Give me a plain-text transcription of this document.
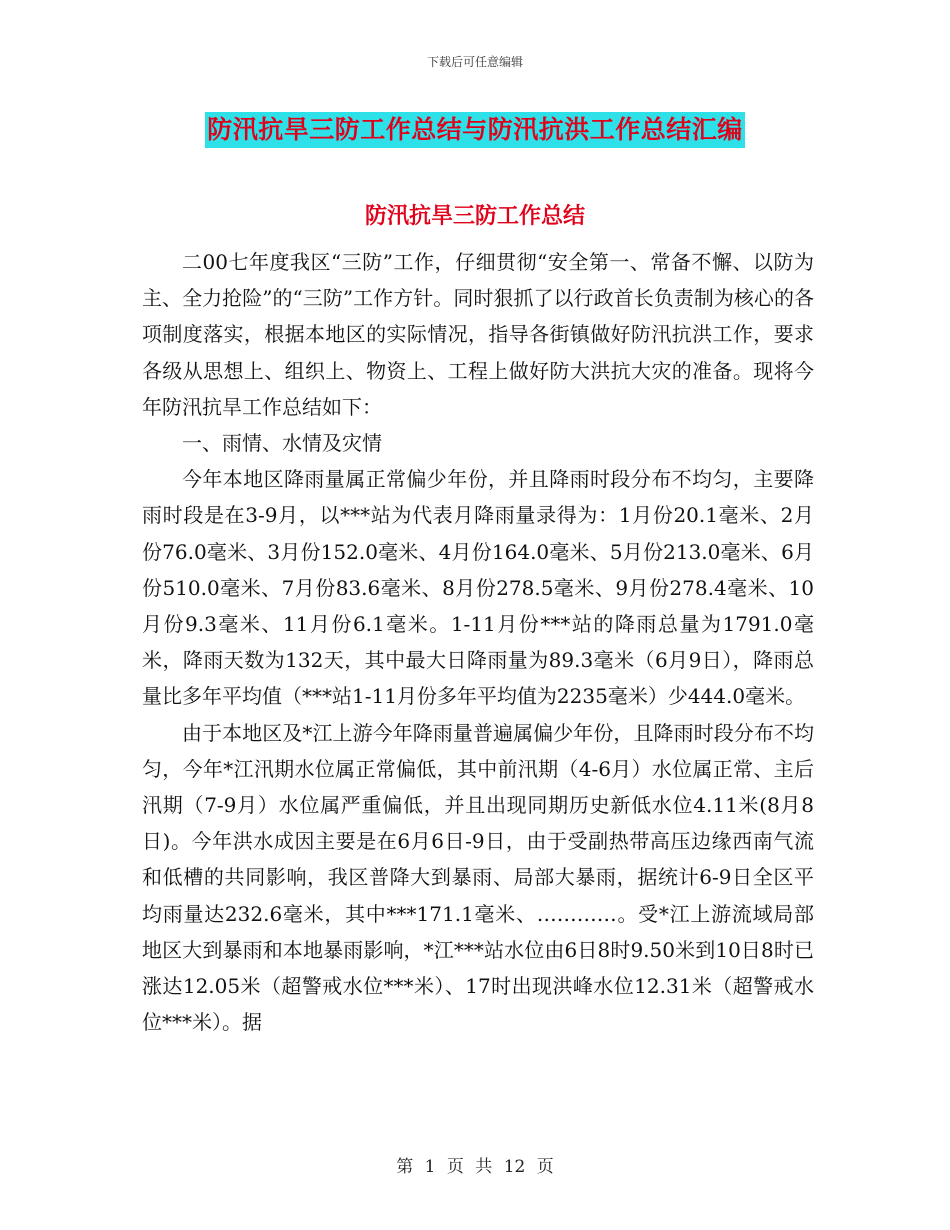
下载后可任意编辑
防汛抗旱三防工作总结与防汛抗洪工作总结汇编
防汛抗旱三防工作总结

二00七年度我区“三防”工作，仔细贯彻“安全第一、常备不懈、以防为主、全力抢险”的“三防”工作方针。同时狠抓了以行政首长负责制为核心的各项制度落实，根据本地区的实际情况，指导各街镇做好防汛抗洪工作，要求各级从思想上、组织上、物资上、工程上做好防大洪抗大灾的准备。现将今年防汛抗旱工作总结如下：

一、雨情、水情及灾情

今年本地区降雨量属正常偏少年份，并且降雨时段分布不均匀，主要降雨时段是在3-9月，以***站为代表月降雨量录得为：1月份20.1毫米、2月份76.0毫米、3月份152.0毫米、4月份164.0毫米、5月份213.0毫米、6月份510.0毫米、7月份83.6毫米、8月份278.5毫米、9月份278.4毫米、10月份9.3毫米、11月份6.1毫米。1-11月份***站的降雨总量为1791.0毫米，降雨天数为132天，其中最大日降雨量为89.3毫米（6月9日），降雨总量比多年平均值（***站1-11月份多年平均值为2235毫米）少444.0毫米。

由于本地区及*江上游今年降雨量普遍属偏少年份，且降雨时段分布不均匀，今年*江汛期水位属正常偏低，其中前汛期（4-6月）水位属正常、主后汛期（7-9月）水位属严重偏低，并且出现同期历史新低水位4.11米(8月8日)。今年洪水成因主要是在6月6日-9日，由于受副热带高压边缘西南气流和低槽的共同影响，我区普降大到暴雨、局部大暴雨，据统计6-9日全区平均雨量达232.6毫米，其中***171.1毫米、…………。受*江上游流域局部地区大到暴雨和本地暴雨影响，*江***站水位由6日8时9.50米到10日8时已涨达12.05米（超警戒水位***米）、17时出现洪峰水位12.31米（超警戒水位***米）。据

第 1 页 共 12 页
